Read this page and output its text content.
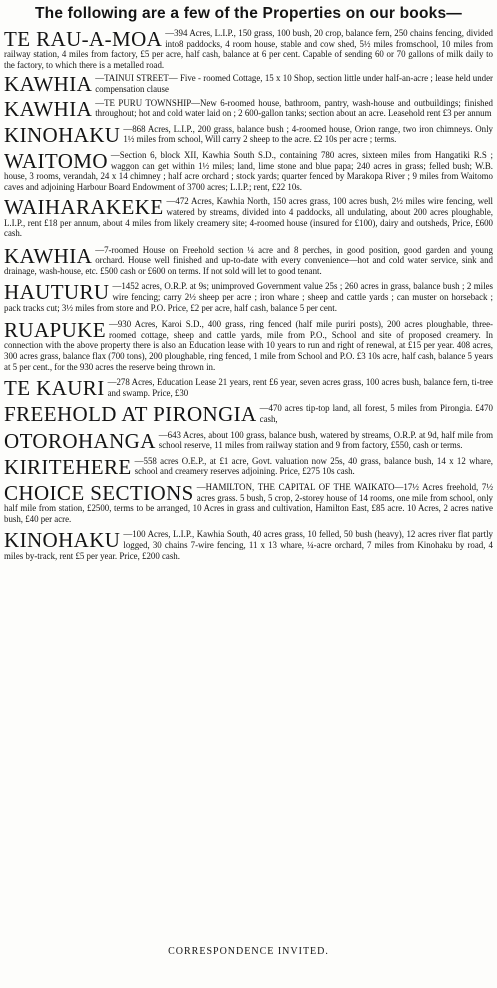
The following are a few of the Properties on our books—

TE RAU-A-MOA —394 Acres, L.I.P., 150 grass, 100 bush, 20 crop, balance fern, 250 chains fencing, divided into8 paddocks, 4 room house, stable and cow shed, 5½ miles fromschool, 10 miles from railway station, 4 miles from factory, £5 per acre, half cash, balance at 6 per cent. Capable of sending 60 or 70 gallons of milk daily to the factory, to which there is a metalled road.

KAWHIA —TAINUI STREET— Five - roomed Cottage, 15 x 10 Shop, section little under half-an-acre ; lease held under compensation clause

KAWHIA —TE PURU TOWNSHIP—New 6-roomed house, bathroom, pantry, wash-house and outbuildings; finished throughout; hot and cold water laid on ; 2 600-gallon tanks; section about an acre. Leasehold rent £3 per annum

KINOHAKU —868 Acres, L.I.P., 200 grass, balance bush ; 4-roomed house, Orion range, two iron chimneys. Only 1½ miles from school, Will carry 2 sheep to the acre. £2 10s per acre ; terms.

WAITOMO —Section 6, block XII, Kawhia South S.D., containing 780 acres, sixteen miles from Hangatiki R.S ; waggon can get within 1½ miles; land, lime stone and blue papa; 240 acres in grass; felled bush; W.B. house, 3 rooms, verandah, 24 x 14 chimney ; half acre orchard ; stock yards; quarter fenced by Marakopa River ; 9 miles from Waitomo caves and adjoining Harbour Board Endowment of 3700 acres; L.I.P.; rent, £22 10s.

WAIHARAKEKE —472 Acres, Kawhia North, 150 acres grass, 100 acres bush, 2½ miles wire fencing, well watered by streams, divided into 4 paddocks, all undulating, about 200 acres ploughable, L.I.P., rent £18 per annum, about 4 miles from likely creamery site; 4-roomed house (insured for £100), dairy and outsheds, Price, £600 cash.

KAWHIA —7-roomed House on Freehold section ¼ acre and 8 perches, in good position, good garden and young orchard. House well finished and up-to-date with every convenience—hot and cold water service, sink and drainage, wash-house, etc. £500 cash or £600 on terms. If not sold will let to good tenant.

HAUTURU —1452 acres, O.R.P. at 9s; unimproved Government value 25s ; 260 acres in grass, balance bush ; 2 miles wire fencing; carry 2½ sheep per acre ; iron whare ; sheep and cattle yards ; can muster on horseback ; pack tracks cut; 3½ miles from store and P.O. Price, £2 per acre, half cash, balance 5 per cent.

RUAPUKE —930 Acres, Karoi S.D., 400 grass, ring fenced (half mile puriri posts), 200 acres ploughable, three-roomed cottage, sheep and cattle yards, mile from P.O., School and site of proposed creamery. In connection with the above property there is also an Education lease with 10 years to run and right of renewal, at £15 per year. 408 acres, 300 acres grass, balance flax (700 tons), 200 ploughable, ring fenced, 1 mile from School and P.O. £3 10s acre, half cash, balance 5 years at 5 per cent., for the 930 acres the reserve being thrown in.

TE KAURI —278 Acres, Education Lease 21 years, rent £6 year, seven acres grass, 100 acres bush, balance fern, ti-tree and swamp. Price, £30

FREEHOLD AT PIRONGIA —470 acres tip-top land, all forest, 5 miles from Pirongia. £470 cash,

OTOROHANGA —643 Acres, about 100 grass, balance bush, watered by streams, O.R.P. at 9d, half mile from school reserve, 11 miles from railway station and 9 from factory, £550, cash or terms.

KIRITEHERE —558 acres O.E.P., at £1 acre, Govt. valuation now 25s, 40 grass, balance bush, 14 x 12 whare, school and creamery reserves adjoining. Price, £275 10s cash.

CHOICE SECTIONS —HAMILTON, THE CAPITAL OF THE WAIKATO—17½ Acres freehold, 7½ acres grass. 5 bush, 5 crop, 2-storey house of 14 rooms, one mile from school, only half mile from station, £2500, terms to be arranged, 10 Acres in grass and cultivation, Hamilton East, £85 acre. 10 Acres, 2 acres native bush, £40 per acre.

KINOHAKU —100 Acres, L.I.P., Kawhia South, 40 acres grass, 10 felled, 50 bush (heavy), 12 acres river flat partly logged, 30 chains 7-wire fencing, 11 x 13 whare, ¼-acre orchard, 7 miles from Kinohaku by road, 4 miles by-track, rent £5 per year. Price, £200 cash.

CORRESPONDENCE INVITED.
